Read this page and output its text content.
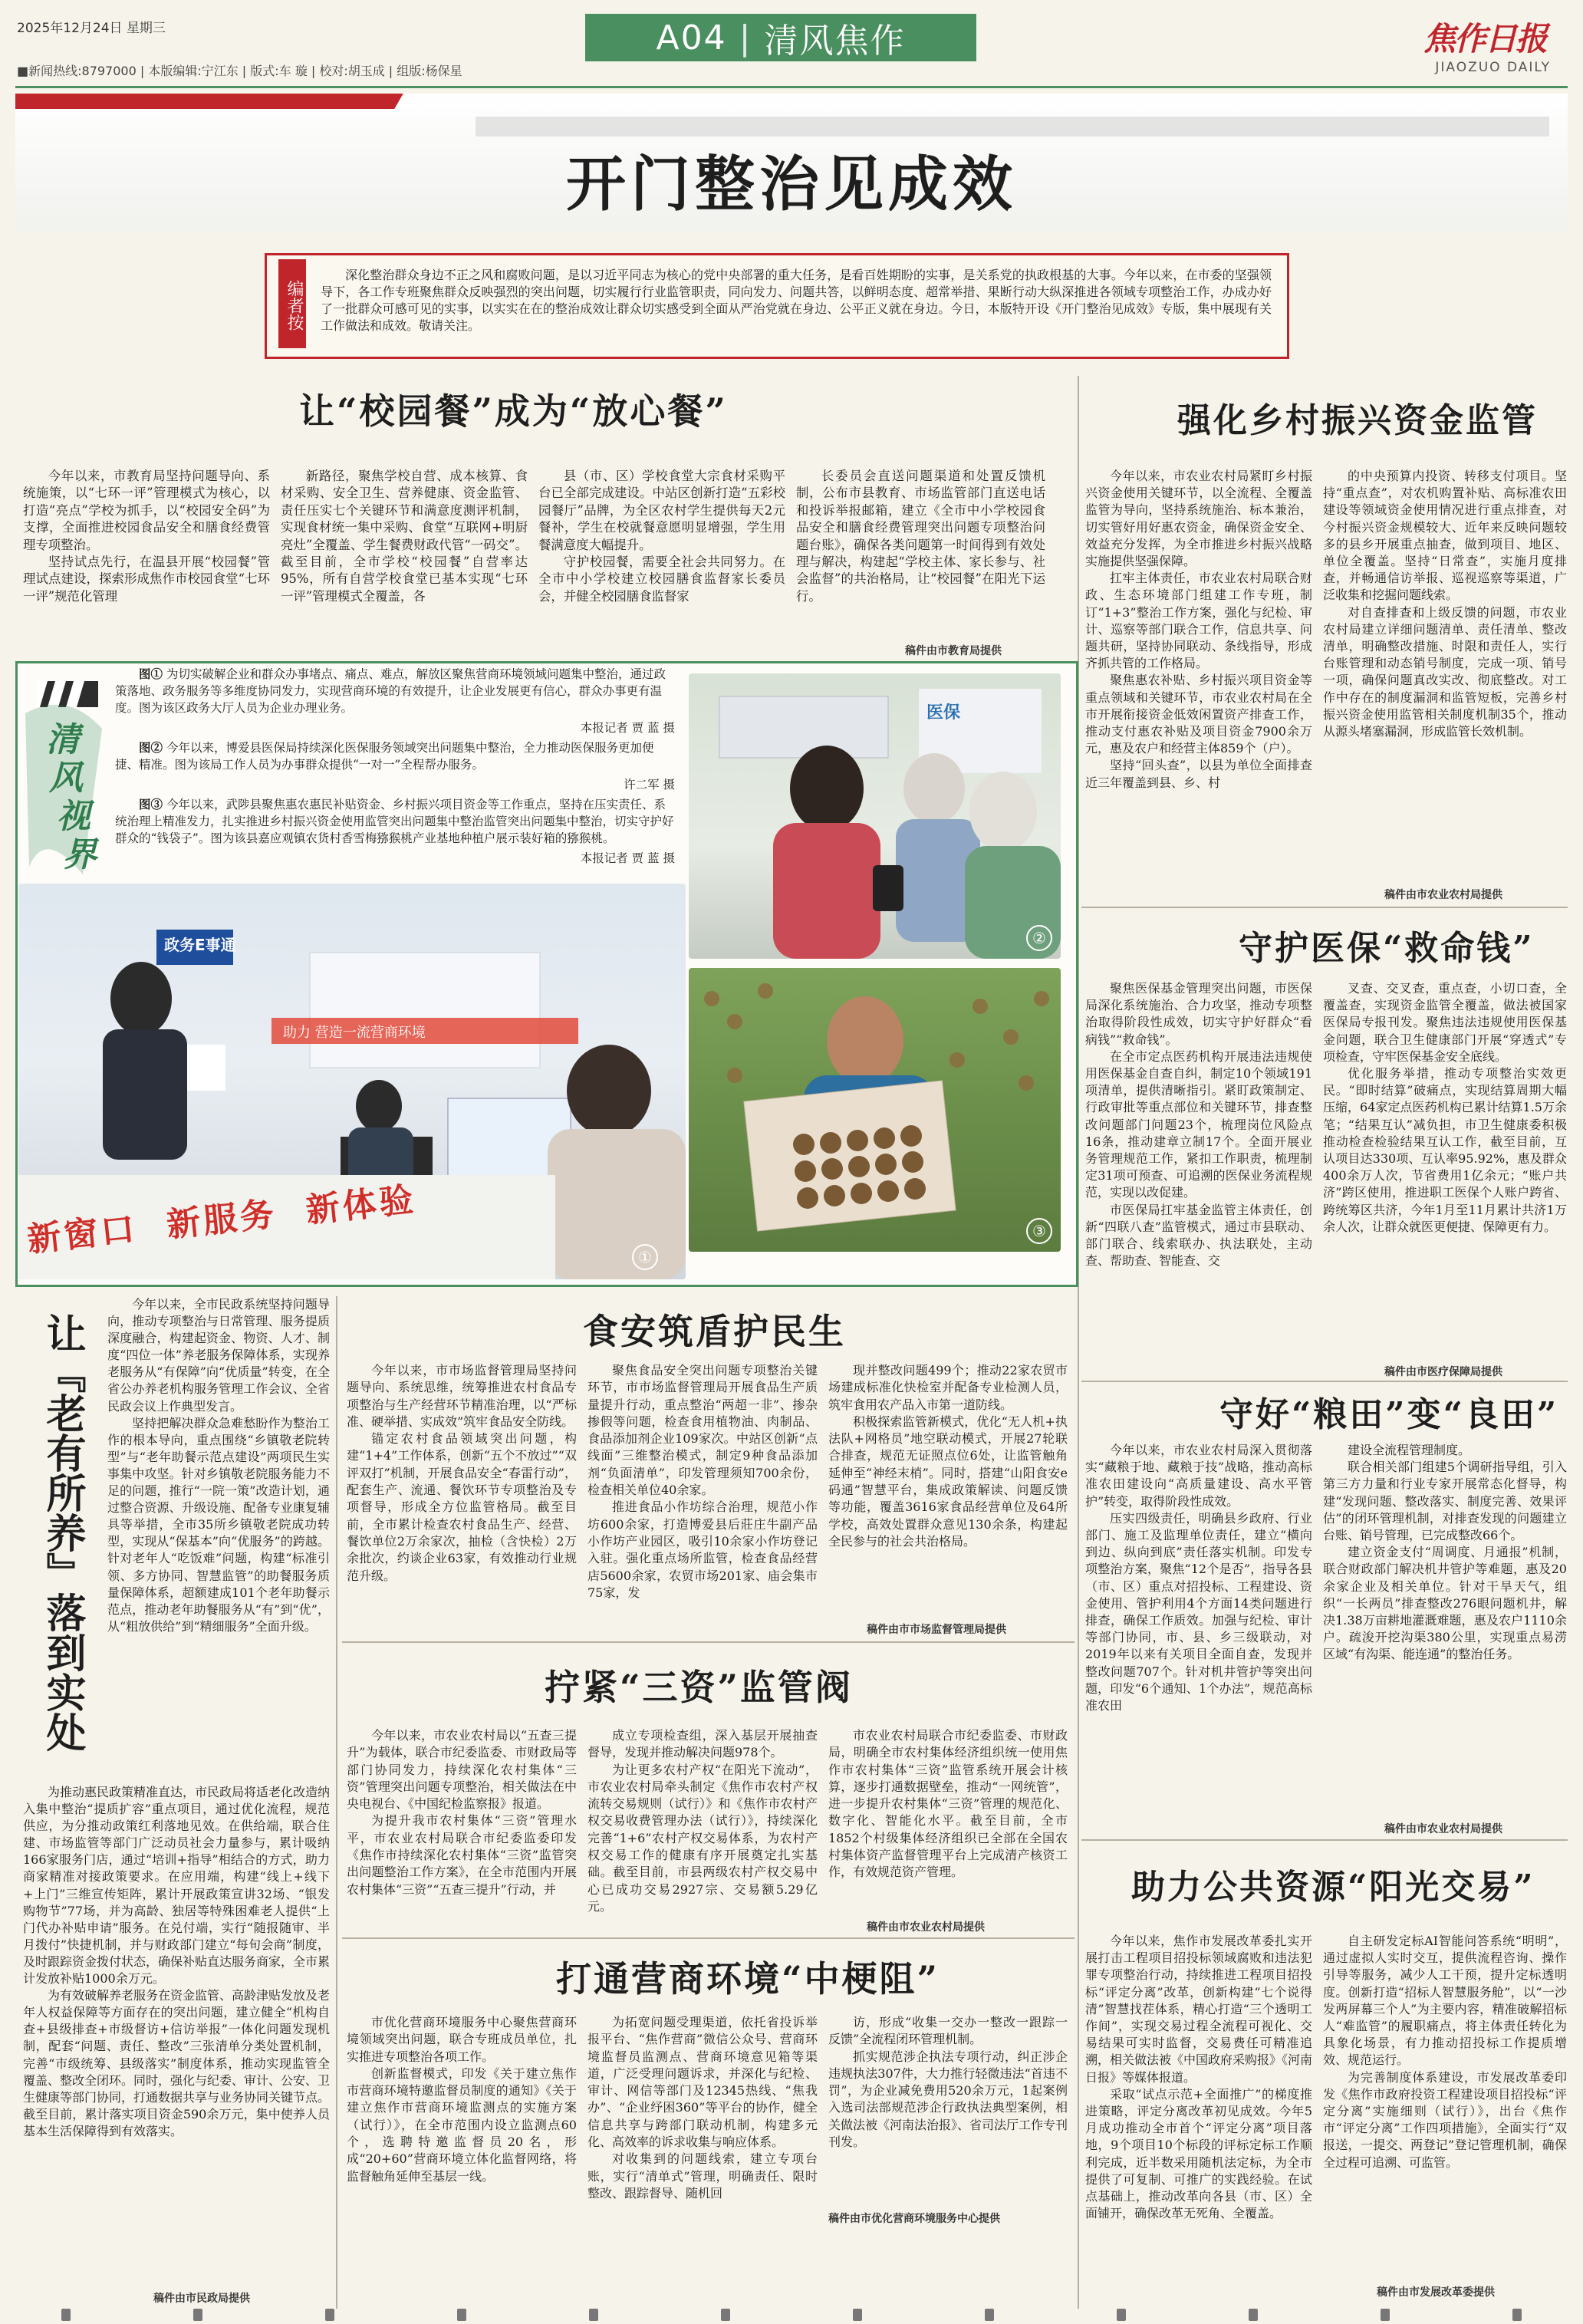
2025年12月24日 星期三
■新闻热线:8797000 | 本版编辑:宁江东 | 版式:车 璇 | 校对:胡玉成 | 组版:杨保星
A04 | 清风焦作	焦作日报
JIAOZUO DAILY
开门整治见成效
编者按
深化整治群众身边不正之风和腐败问题，是以习近平同志为核心的党中央部署的重大任务，是看百姓期盼的实事，是关系党的执政根基的大事。今年以来，在市委的坚强领导下，各工作专班聚焦群众反映强烈的突出问题，切实履行行业监管职责，同向发力、问题共答，以鲜明态度、超常举措、果断行动大纵深推进各领域专项整治工作，办成办好了一批群众可感可见的实事，以实实在在的整治成效让群众切实感受到全面从严治党就在身边、公平正义就在身边。今日，本版特开设《开门整治见成效》专版，集中展现有关工作做法和成效。敬请关注。
让“校园餐”成为“放心餐”

今年以来，市教育局坚持问题导向、系统施策，以“七环一评”管理模式为核心，以打造“亮点”学校为抓手，以“校园安全码”为支撑，全面推进校园食品安全和膳食经费管理专项整治。

坚持试点先行，在温县开展“校园餐”管理试点建设，探索形成焦作市校园食堂“七环一评”规范化管理

新路径，聚焦学校自营、成本核算、食材采购、安全卫生、营养健康、资金监管、责任压实七个关键环节和满意度测评机制，实现食材统一集中采购、食堂“互联网+明厨亮灶”全覆盖、学生餐费财政代管“一码交”。截至目前，全市学校“校园餐”自营率达95%，所有自营学校食堂已基本实现“七环一评”管理模式全覆盖，各

县（市、区）学校食堂大宗食材采购平台已全部完成建设。中站区创新打造“五彩校园餐厅”品牌，为全区农村学生提供每天2元餐补，学生在校就餐意愿明显增强，学生用餐满意度大幅提升。

守护校园餐，需要全社会共同努力。在全市中小学校建立校园膳食监督家长委员会，并健全校园膳食监督家

长委员会直送问题渠道和处置反馈机制，公布市县教育、市场监管部门直送电话和投诉举报邮箱，建立《全市中小学校园食品安全和膳食经费管理突出问题专项整治问题台账》，确保各类问题第一时间得到有效处理与解决，构建起“学校主体、家长参与、社会监督”的共治格局，让“校园餐”在阳光下运行。

稿件由市教育局提供
强化乡村振兴资金监管

今年以来，市农业农村局紧盯乡村振兴资金使用关键环节，以全流程、全覆盖监管为导向，坚持系统施治、标本兼治，切实管好用好惠农资金，确保资金安全、效益充分发挥，为全市推进乡村振兴战略实施提供坚强保障。

扛牢主体责任，市农业农村局联合财政、生态环境部门组建工作专班，制订“1+3”整治工作方案，强化与纪检、审计、巡察等部门联合工作，信息共享、问题共研，坚持协同联动、条线指导，形成齐抓共管的工作格局。

聚焦惠农补贴、乡村振兴项目资金等重点领域和关键环节，市农业农村局在全市开展衔接资金低效闲置资产排查工作，推动支付惠农补贴及项目资金7900余万元，惠及农户和经营主体859个（户）。

坚持“回头查”，以县为单位全面排查近三年覆盖到县、乡、村

的中央预算内投资、转移支付项目。坚持“重点查”，对农机购置补贴、高标准农田建设等领域资金使用情况进行重点排查，对今村振兴资金规模较大、近年来反映问题较多的县乡开展重点抽查，做到项目、地区、单位全覆盖。坚持“日常查”，实施月度排查，并畅通信访举报、巡视巡察等渠道，广泛收集和挖掘问题线索。

对自查排查和上级反馈的问题，市农业农村局建立详细问题清单、责任清单、整改清单，明确整改措施、时限和责任人，实行台账管理和动态销号制度，完成一项、销号一项，确保问题真改实改、彻底整改。对工作中存在的制度漏洞和监管短板，完善乡村振兴资金使用监管相关制度机制35个，推动从源头堵塞漏洞，形成监管长效机制。

稿件由市农业农村局提供
守护医保“救命钱”

聚焦医保基金管理突出问题，市医保局深化系统施治、合力攻坚，推动专项整治取得阶段性成效，切实守护好群众“看病钱”“救命钱”。

在全市定点医药机构开展违法违规使用医保基金自查自纠，制定10个领域191项清单，提供清晰指引。紧盯政策制定、行政审批等重点部位和关键环节，排查整改问题部门问题23个，梳理岗位风险点16条，推动建章立制17个。全面开展业务管理规范工作，紧扣工作职责，梳理制定31项可预查、可追溯的医保业务流程规范，实现以改促建。

市医保局扛牢基金监管主体责任，创新“四联八查”监管模式，通过市县联动、部门联合、线索联办、执法联处，主动查、帮助查、智能查、交

叉查、交叉查，重点查，小切口查，全覆盖查，实现资金监管全覆盖，做法被国家医保局专报刊发。聚焦违法违规使用医保基金问题，联合卫生健康部门开展“穿透式”专项检查，守牢医保基金安全底线。

优化服务举措，推动专项整治实效更民。“即时结算”破痛点，实现结算周期大幅压缩，64家定点医药机构已累计结算1.5万余笔；“结果互认”减负担，市卫生健康委积极推动检查检验结果互认工作，截至目前，互认项目达330项、互认率95.92%，惠及群众400余万人次，节省费用1亿余元；“账户共济”跨区使用，推进职工医保个人账户跨省、跨统筹区共济，今年1月至11月累计共济1万余人次，让群众就医更便捷、保障更有力。

稿件由市医疗保障局提供
守好“粮田”变“良田”

今年以来，市农业农村局深入贯彻落实“藏粮于地、藏粮于技”战略，推动高标准农田建设向“高质量建设、高水平管护”转变，取得阶段性成效。

压实四级责任，明确县乡政府、行业部门、施工及监理单位责任，建立“横向到边、纵向到底”责任落实机制。印发专项整治方案，聚焦“12个是否”，指导各县（市、区）重点对招投标、工程建设、资金使用、管护利用4个方面14类问题进行排查，确保工作质效。加强与纪检、审计等部门协同，市、县、乡三级联动，对2019年以来有关项目全面自查，发现并整改问题707个。针对机井管护等突出问题，印发“6个通知、1个办法”，规范高标准农田

建设全流程管理制度。

联合相关部门组建5个调研指导组，引入第三方力量和行业专家开展常态化督导，构建“发现问题、整改落实、制度完善、效果评估”的闭环管理机制，对排查发现的问题建立台账、销号管理，已完成整改66个。

建立资金支付“周调度、月通报”机制，联合财政部门解决机井管护等难题，惠及20余家企业及相关单位。针对干旱天气，组织“一长两员”排查整改276眼问题机井，解决1.38万亩耕地灌溉难题，惠及农户1110余户。疏浚开挖沟渠380公里，实现重点易涝区域“有沟渠、能连通”的整治任务。

稿件由市农业农村局提供
助力公共资源“阳光交易”

今年以来，焦作市发展改革委扎实开展打击工程项目招投标领域腐败和违法犯罪专项整治行动，持续推进工程项目招投标“评定分离”改革，创新构建“七个说得清”智慧找茬体系，精心打造“三个透明工作间”，实现交易过程全流程可视化、交易结果可实时监督，交易费任可精准追溯，相关做法被《中国政府采购报》《河南日报》等媒体报道。

采取“试点示范+全面推广”的梯度推进策略，评定分离改革初见成效。今年5月成功推动全市首个“评定分离”项目落地，9个项目10个标段的评标定标工作顺利完成，近半数采用随机法定标，为全市提供了可复制、可推广的实践经验。在试点基础上，推动改革向各县（市、区）全面铺开，确保改革无死角、全覆盖。

自主研发定标AI智能问答系统“明明”，通过虚拟人实时交互，提供流程咨询、操作引导等服务，减少人工干预，提升定标透明度。创新打造“招标人智慧服务舱”，以“一沙发两屏幕三个人”为主要内容，精准破解招标人“难监管”的履职痛点，将主体责任转化为具象化场景，有力推动招投标工作提质增效、规范运行。

为完善制度体系建设，市发展改革委印发《焦作市政府投资工程建设项目招投标“评定分离”实施细则（试行）》，出台《焦作市“评定分离”工作四项措施》，全面实行“双报送，一提交、两登记”登记管理机制，确保全过程可追溯、可监管。

稿件由市发展改革委提供
清
风
视
界

图① 为切实破解企业和群众办事堵点、痛点、难点，解放区聚焦营商环境领域问题集中整治，通过政策落地、政务服务等多维度协同发力，实现营商环境的有效提升，让企业发展更有信心，群众办事更有温度。图为该区政务大厅人员为企业办理业务。

本报记者 贾 蓝 摄

图② 今年以来，博爱县医保局持续深化医保服务领域突出问题集中整治，全力推动医保服务更加便捷、精准。图为该局工作人员为办事群众提供“一对一”全程帮办服务。

许二军 摄

图③ 今年以来，武陟县聚焦惠农惠民补贴资金、乡村振兴项目资金等工作重点，坚持在压实责任、系统治理上精准发力，扎实推进乡村振兴资金使用监管突出问题集中整治监管突出问题集中整治，切实守护好群众的“钱袋子”。图为该县嘉应观镇农货村香雪梅猕猴桃产业基地种植户展示装好箱的猕猴桃。

本报记者 贾 蓝 摄

政务E事通
助力 营造一流营商环境
新窗口 新服务 新体验
①
医保
②
③
让『老有所养』落到实处

今年以来，全市民政系统坚持问题导向，推动专项整治与日常管理、服务提质深度融合，构建起资金、物资、人才、制度“四位一体”养老服务保障体系，实现养老服务从“有保障”向“优质量”转变，在全省公办养老机构服务管理工作会议、全省民政会议上作典型发言。

坚持把解决群众急难愁盼作为整治工作的根本导向，重点围绕“乡镇敬老院转型”与“老年助餐示范点建设”两项民生实事集中攻坚。针对乡镇敬老院服务能力不足的问题，推行“一院一策”改造计划，通过整合资源、升级设施、配备专业康复辅具等举措，全市35所乡镇敬老院成功转型，实现从“保基本”向“优服务”的跨越。针对老年人“吃饭难”问题，构建“标准引领、多方协同、智慧监管”的助餐服务质量保障体系，超额建成101个老年助餐示范点，推动老年助餐服务从“有”到“优”，从“粗放供给”到“精细服务”全面升级。

为推动惠民政策精准直达，市民政局将适老化改造纳入集中整治“提质扩容”重点项目，通过优化流程，规范供应，为分推动政策红利落地见效。在供给端，联合住建、市场监管等部门广泛动员社会力量参与，累计吸纳166家服务门店，通过“培训+指导”相结合的方式，助力商家精准对接政策要求。在应用端，构建“线上+线下+上门”三维宣传矩阵，累计开展政策宣讲32场、“银发购物节”77场，并为高龄、独居等特殊困难老人提供“上门代办补贴申请”服务。在兑付端，实行“随报随审、半月拨付”快捷机制，并与财政部门建立“每旬会商”制度，及时跟踪资金拨付状态，确保补贴直达服务商家，全市累计发放补贴1000余万元。

为有效破解养老服务在资金监管、高龄津贴发放及老年人权益保障等方面存在的突出问题，建立健全“机构自查+县级排查+市级督访+信访举报”一体化问题发现机制，配套“问题、责任、整改”三张清单分类处置机制，完善“市级统筹、县级落实”制度体系，推动实现监管全覆盖、整改全闭环。同时，强化与纪委、审计、公安、卫生健康等部门协同，打通数据共享与业务协同关键节点。截至目前，累计落实项目资金590余万元，集中使养人员基本生活保障得到有效落实。

稿件由市民政局提供
食安筑盾护民生

今年以来，市市场监督管理局坚持问题导向、系统思维，统筹推进农村食品专项整治与生产经营环节精准治理，以“严标准、硬举措、实成效”筑牢食品安全防线。

锚定农村食品领域突出问题，构建“1+4”工作体系，创新“五个不放过”“双评双打”机制，开展食品安全“春雷行动”，配套生产、流通、餐饮环节专项整治及专项督导，形成全方位监管格局。截至目前，全市累计检查农村食品生产、经营、餐饮单位2万余家次，抽检（含快检）2万余批次，约谈企业63家，有效推动行业规范升级。

聚焦食品安全突出问题专项整治关键环节，市市场监督管理局开展食品生产质量提升行动，重点整治“两超一非”、掺杂掺假等问题，检查食用植物油、肉制品、食品添加剂企业109家次。中站区创新“点线面”三维整治模式，制定9种食品添加剂“负面清单”，印发管理须知700余份，检查相关单位40余家。

推进食品小作坊综合治理，规范小作坊600余家，打造博爱县后莊庄牛副产品小作坊产业园区，吸引10余家小作坊登记入驻。强化重点场所监管，检查食品经营店5600余家，农贸市场201家、庙会集市75家，发

现并整改问题499个；推动22家农贸市场建成标准化快检室并配备专业检测人员，筑牢食用农产品入市第一道防线。

积极探索监管新模式，优化“无人机+执法队+网格员”地空联动模式，开展27轮联合排查，规范无证照点位6处，让监管触角延伸至“神经末梢”。同时，搭建“山阳食安e码通”智慧平台，集成政策解读、问题反馈等功能，覆盖3616家食品经营单位及64所学校，高效处置群众意见130余条，构建起全民参与的社会共治格局。

稿件由市市场监督管理局提供
拧紧“三资”监管阀

今年以来，市农业农村局以“五查三提升”为载体，联合市纪委监委、市财政局等部门协同发力，持续深化农村集体“三资”管理突出问题专项整治，相关做法在中央电视台、《中国纪检监察报》报道。

为提升我市农村集体“三资”管理水平，市农业农村局联合市纪委监委印发《焦作市持续深化农村集体“三资”监管突出问题整治工作方案》，在全市范围内开展农村集体“三资”“五查三提升”行动，并

成立专项检查组，深入基层开展抽查督导，发现并推动解决问题978个。

为让更多农村产权“在阳光下流动”，市农业农村局牵头制定《焦作市农村产权流转交易规则（试行）》和《焦作市农村产权交易收费管理办法（试行）》，持续深化完善“1+6”农村产权交易体系，为农村产权交易工作的健康有序开展奠定扎实基础。截至目前，市县两级农村产权交易中心已成功交易2927宗、交易额5.29亿元。

市农业农村局联合市纪委监委、市财政局，明确全市农村集体经济组织统一使用焦作市农村集体“三资”监管系统开展会计核算，逐步打通数据壁垒，推动“一网统管”，进一步提升农村集体“三资”管理的规范化、数字化、智能化水平。截至目前，全市1852个村级集体经济组织已全部在全国农村集体资产监督管理平台上完成清产核资工作，有效规范资产管理。

稿件由市农业农村局提供
打通营商环境“中梗阻”

市优化营商环境服务中心聚焦营商环境领域突出问题，联合专班成员单位，扎实推进专项整治各项工作。

创新监督模式，印发《关于建立焦作市营商环境特邀监督员制度的通知》《关于建立焦作市营商环境监测点的实施方案（试行）》，在全市范围内设立监测点60个，选聘特邀监督员20名，形成“20+60”营商环境立体化监督网络，将监督触角延伸至基层一线。

为拓宽问题受理渠道，依托省投诉举报平台、“焦作营商”微信公众号、营商环境监督员监测点、营商环境意见箱等渠道，广泛受理问题诉求，并深化与纪检、审计、网信等部门及12345热线、“焦我办”、“企业纾困360”等平台的协作，健全信息共享与跨部门联动机制，构建多元化、高效率的诉求收集与响应体系。

对收集到的问题线索，建立专项台账，实行“清单式”管理，明确责任、限时整改、跟踪督导、随机回

访，形成“收集一交办一整改一跟踪一反馈”全流程闭环管理机制。

抓实规范涉企执法专项行动，纠正涉企违规执法307件，大力推行轻微违法“首违不罚”，为企业减免费用520余万元，1起案例入选司法部规范涉企行政执法典型案例，相关做法被《河南法治报》、省司法厅工作专刊刊发。

稿件由市优化营商环境服务中心提供
